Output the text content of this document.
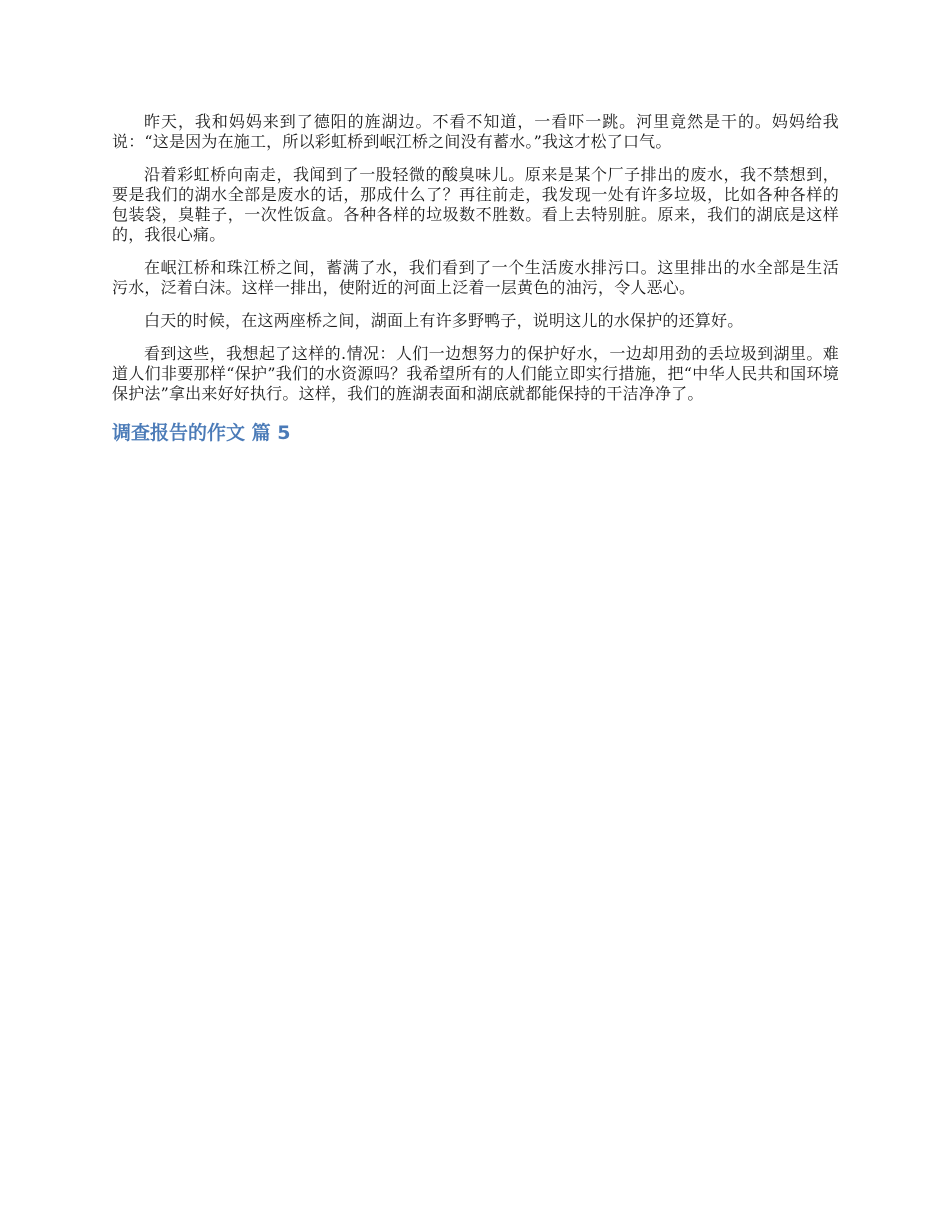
昨天，我和妈妈来到了德阳的旌湖边。不看不知道，一看吓一跳。河里竟然是干的。妈妈给我说：“这是因为在施工，所以彩虹桥到岷江桥之间没有蓄水。”我这才松了口气。

沿着彩虹桥向南走，我闻到了一股轻微的酸臭味儿。原来是某个厂子排出的废水，我不禁想到，要是我们的湖水全部是废水的话，那成什么了？再往前走，我发现一处有许多垃圾，比如各种各样的包装袋，臭鞋子，一次性饭盒。各种各样的垃圾数不胜数。看上去特别脏。原来，我们的湖底是这样的，我很心痛。

在岷江桥和珠江桥之间，蓄满了水，我们看到了一个生活废水排污口。这里排出的水全部是生活污水，泛着白沫。这样一排出，使附近的河面上泛着一层黄色的油污，令人恶心。

白天的时候，在这两座桥之间，湖面上有许多野鸭子，说明这儿的水保护的还算好。

看到这些，我想起了这样的.情况：人们一边想努力的保护好水，一边却用劲的丢垃圾到湖里。难道人们非要那样“保护”我们的水资源吗？我希望所有的人们能立即实行措施，把“中华人民共和国环境保护法”拿出来好好执行。这样，我们的旌湖表面和湖底就都能保持的干洁净净了。

调查报告的作文 篇 5
